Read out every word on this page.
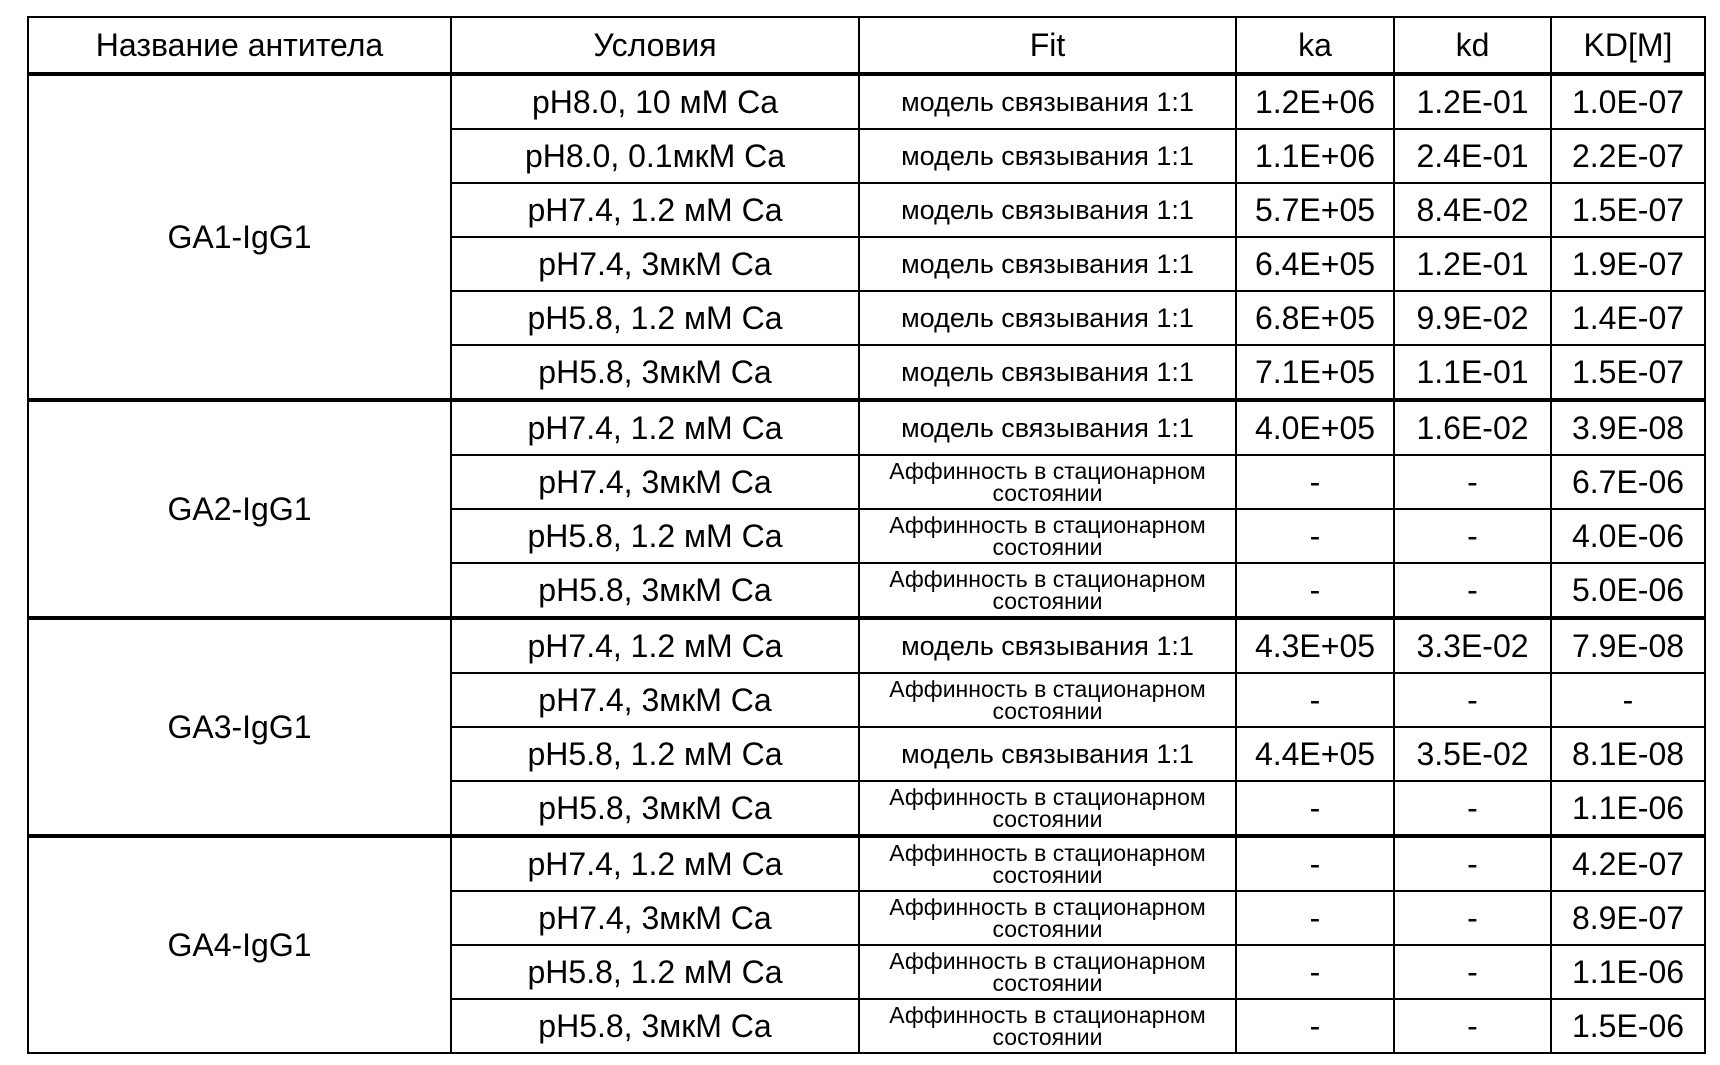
Название антитела	Условия	Fit	ka	kd	KD[M]
GA1-IgG1	pH8.0, 10 мМ Ca	модель связывания 1:1	1.2E+06	1.2E-01	1.0E-07
pH8.0, 0.1мкМ Ca	модель связывания 1:1	1.1E+06	2.4E-01	2.2E-07
pH7.4, 1.2 мМ Ca	модель связывания 1:1	5.7E+05	8.4E-02	1.5E-07
pH7.4, 3мкМ Ca	модель связывания 1:1	6.4E+05	1.2E-01	1.9E-07
pH5.8, 1.2 мМ Ca	модель связывания 1:1	6.8E+05	9.9E-02	1.4E-07
pH5.8, 3мкМ Ca	модель связывания 1:1	7.1E+05	1.1E-01	1.5E-07
GA2-IgG1	pH7.4, 1.2 мМ Ca	модель связывания 1:1	4.0E+05	1.6E-02	3.9E-08
pH7.4, 3мкМ Ca	Аффинность в стационарном состоянии	-	-	6.7E-06
pH5.8, 1.2 мМ Ca	Аффинность в стационарном состоянии	-	-	4.0E-06
pH5.8, 3мкМ Ca	Аффинность в стационарном состоянии	-	-	5.0E-06
GA3-IgG1	pH7.4, 1.2 мМ Ca	модель связывания 1:1	4.3E+05	3.3E-02	7.9E-08
pH7.4, 3мкМ Ca	Аффинность в стационарном состоянии	-	-	-
pH5.8, 1.2 мМ Ca	модель связывания 1:1	4.4E+05	3.5E-02	8.1E-08
pH5.8, 3мкМ Ca	Аффинность в стационарном состоянии	-	-	1.1E-06
GA4-IgG1	pH7.4, 1.2 мМ Ca	Аффинность в стационарном состоянии	-	-	4.2E-07
pH7.4, 3мкМ Ca	Аффинность в стационарном состоянии	-	-	8.9E-07
pH5.8, 1.2 мМ Ca	Аффинность в стационарном состоянии	-	-	1.1E-06
pH5.8, 3мкМ Ca	Аффинность в стационарном состоянии	-	-	1.5E-06
